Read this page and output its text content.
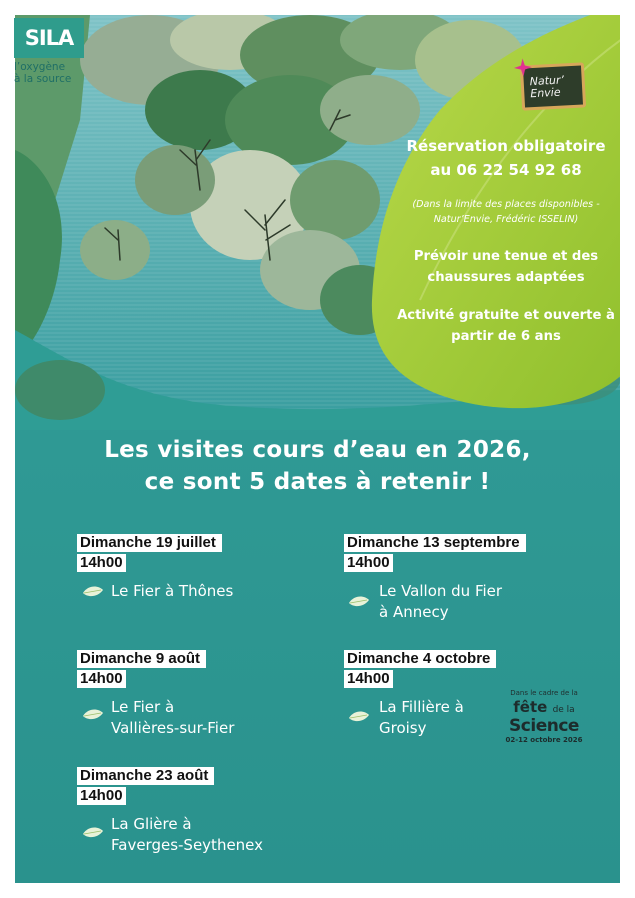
SILA
l’oxygène
à la source	Natur’
Envie
Réservation obligatoire
au 06 22 54 92 68
(Dans la limite des places disponibles -
Natur’Envie, Frédéric ISSELIN)
Prévoir une tenue et des
chaussures adaptées
Activité gratuite et ouverte à
partir de 6 ans
Les visites cours d’eau en 2026,
ce sont 5 dates à retenir !
Dimanche 19 juillet
14h00
Le Fier à Thônes
Dimanche 9 août
14h00
Le Fier à
Vallières-sur-Fier
Dimanche 23 août
14h00
La Glière à
Faverges-Seythenex
Dimanche 13 septembre
14h00
Le Vallon du Fier
à Annecy
Dimanche 4 octobre
14h00
La Fillière à
Groisy
Dans le cadre de la
fête de la
Science
02-12 octobre 2026
